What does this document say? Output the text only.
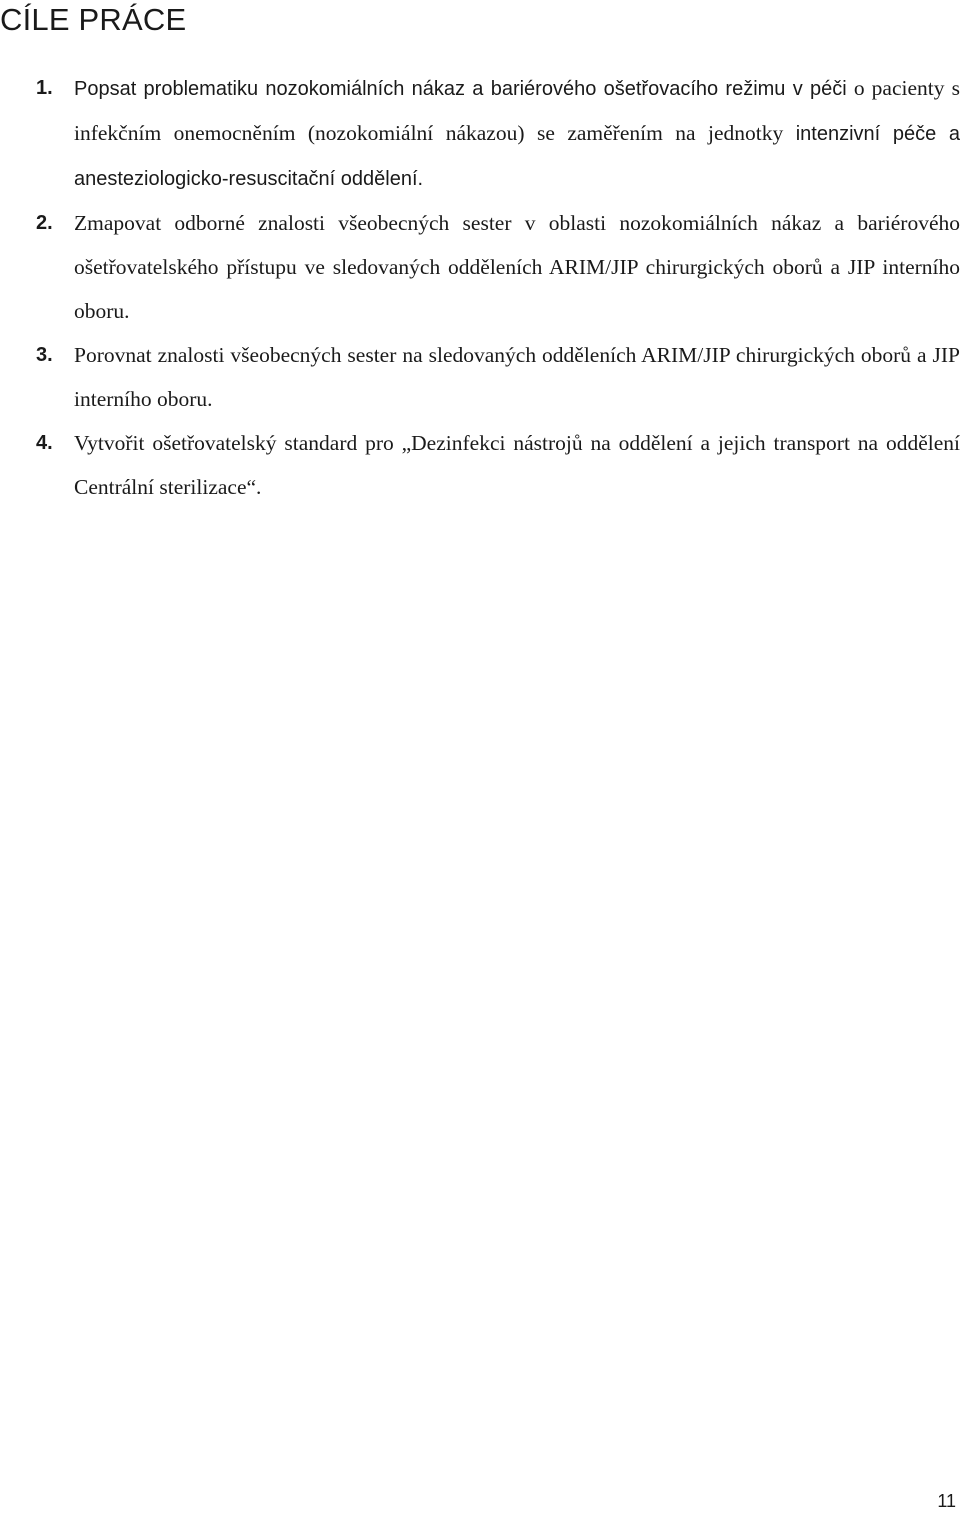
CÍLE PRÁCE
1. Popsat problematiku nozokomiálních nákaz a bariérového ošetřovacího režimu v péči o pacienty s infekčním onemocněním (nozokomiální nákazou) se zaměřením na jednotky intenzivní péče a anesteziologicko-resuscitační oddělení.
2. Zmapovat odborné znalosti všeobecných sester v oblasti nozokomiálních nákaz a bariérového ošetřovatelského přístupu ve sledovaných odděleních ARIM/JIP chirurgických oborů a JIP interního oboru.
3. Porovnat znalosti všeobecných sester na sledovaných odděleních ARIM/JIP chirurgických oborů a JIP interního oboru.
4. Vytvořit ošetřovatelský standard pro „Dezinfekci nástrojů na oddělení a jejich transport na oddělení Centrální sterilizace“.
11
